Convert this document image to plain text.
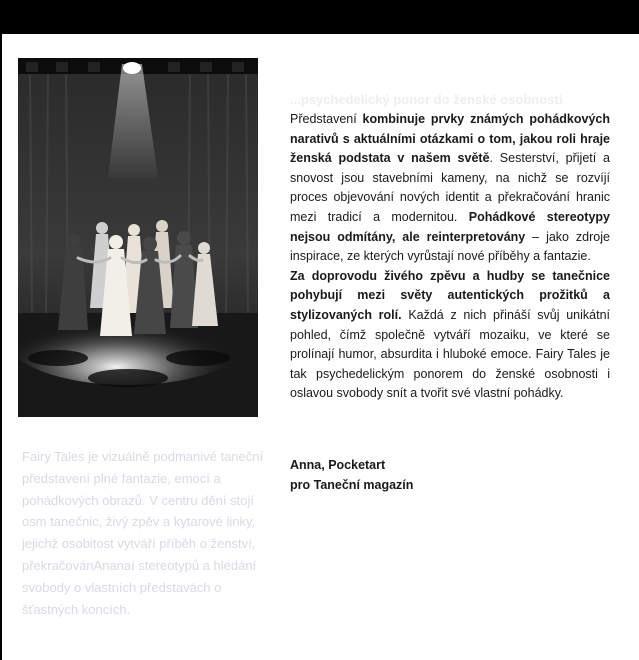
...psychedelický ponor do ženské osobnosti

Představení kombinuje prvky známých pohádkových narativů s aktuálními otázkami o tom, jakou roli hraje ženská podstata v našem světě. Sesterství, přijetí a snovost jsou stavebními kameny, na nichž se rozvíjí proces objevování nových identit a překračování hranic mezi tradicí a modernitou. Pohádkové stereotypy nejsou odmítány, ale reinterpretovány – jako zdroje inspirace, ze kterých vyrůstají nové příběhy a fantazie.
Za doprovodu živého zpěvu a hudby se tanečnice pohybují mezi světy autentických prožitků a stylizovaných rolí. Každá z nich přináší svůj unikátní pohled, čímž společně vytváří mozaiku, ve které se prolínají humor, absurdita i hluboké emoce. Fairy Tales je tak psychedelickým ponorem do ženské osobnosti i oslavou svobody snít a tvořit své vlastní pohádky.

Anna, Pocketart
pro Taneční magazín

Fairy Tales je vizuálně podmanivé taneční představení plné fantazie, emocí a pohádkových obrazů. V centru dění stojí osm tanečnic, živý zpěv a kytarové linky, jejichž osobitost vytváří příběh o ženství, překračovánAnanaí stereotypů a hledání svobody o vlastních představách o šťastných koncích.
